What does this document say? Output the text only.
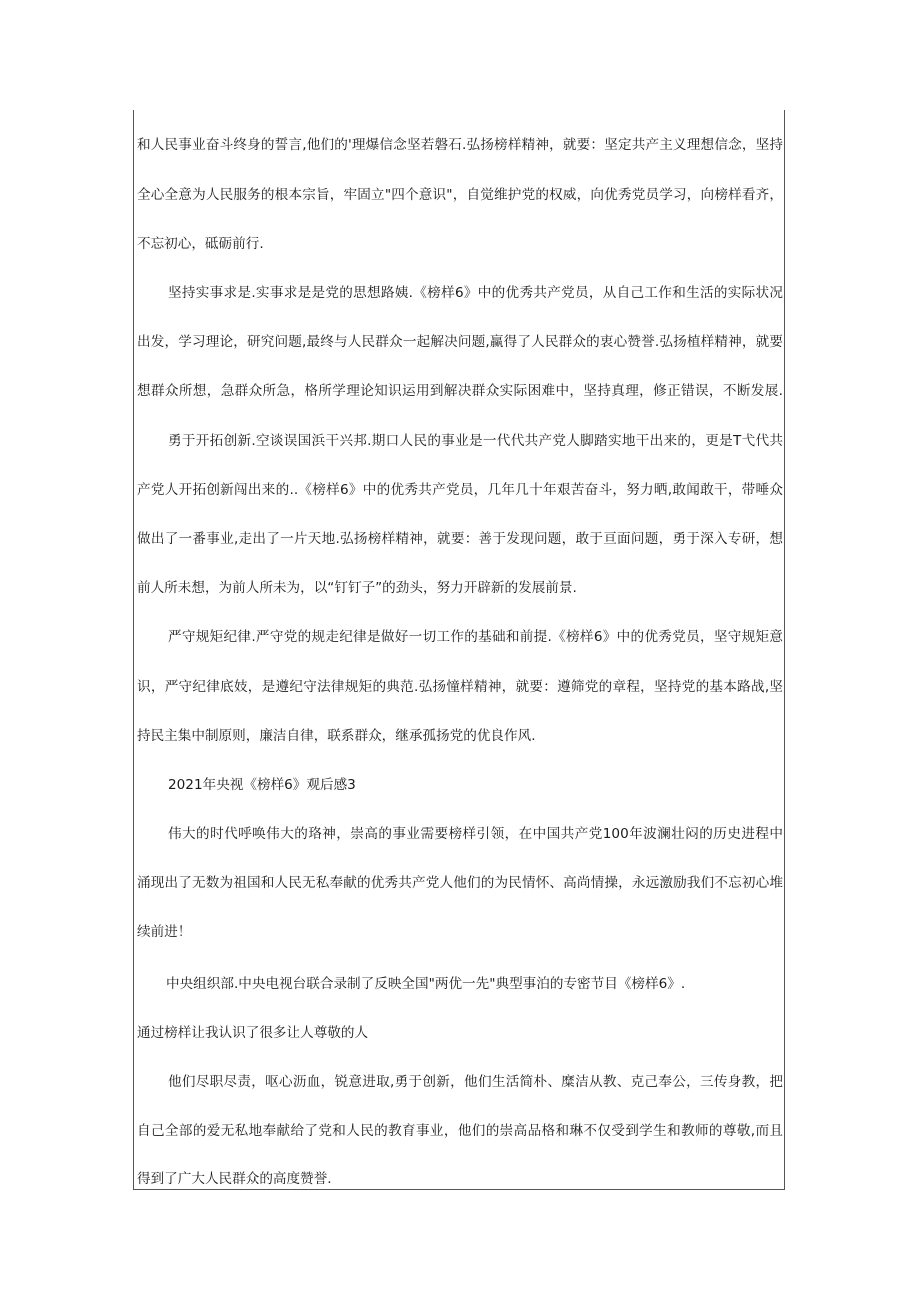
和人民事业奋斗终身的誓言,他们的'理爆信念坚若磐石.弘扬榜样精神，就要：坚定共产主义理想信念，坚持
全心全意为人民服务的根本宗旨，牢固立"四个意识"，自觉维护党的权威，向优秀党员学习，向榜样看齐，
不忘初心，砥砺前行.
坚持实事求是.实事求是是党的思想路姨.《榜样6》中的优秀共产党员，从自己工作和生活的实际状况
出发，学习理论，研究问题,最终与人民群众一起解决问题,赢得了人民群众的衷心赞誉.弘扬植样精神，就要
想群众所想，急群众所急，格所学理论知识运用到解决群众实际困难中，坚持真理，修正错误，不断发展.
勇于开拓创新.空谈误国浜干兴邦.期口人民的事业是一代代共产党人脚踏实地干出来的，更是T弋代共
产党人开拓创新闯出来的..《榜样6》中的优秀共产党员，几年几十年艰苦奋斗，努力晒,敢闻敢干，带唾众
做出了一番事业,走出了一片天地.弘扬榜样精神，就要：善于发现问题，敢于亘面问题，勇于深入专研，想
前人所未想，为前人所未为，以“钉钉子”的劲头，努力开辟新的发展前景.
严守规矩纪律.严守党的规走纪律是做好一切工作的基础和前提.《榜样6》中的优秀党员，坚守规矩意
识，严守纪律底妓，是遵纪守法律规矩的典范.弘扬憧样精神，就要：遵筛党的章程，坚持党的基本路战,坚
持民主集中制原则，廉洁自律，联系群众，继承孤扬党的优良作风.
2021年央视《榜样6》观后感3
伟大的时代呼唤伟大的珞神，崇高的事业需要榜样引领，在中国共产党100年波澜壮闷的历史进程中
涌现出了无数为祖国和人民无私奉献的优秀共产党人他们的为民情怀、高尚情操，永远激励我们不忘初心堆
续前进！
中央组织部.中央电视台联合录制了反映全国"两优一先"典型事泊的专密节目《榜样6》.
通过榜样让我认识了很多让人尊敬的人
他们尽职尽责，呕心沥血，锐意进取,勇于创新，他们生活简朴、糜洁从教、克己奉公，三传身教，把
自己全部的爱无私地奉献给了党和人民的教育事业，他们的崇高品格和琳不仅受到学生和教师的尊敬,而且
得到了广大人民群众的高度赞誉.
